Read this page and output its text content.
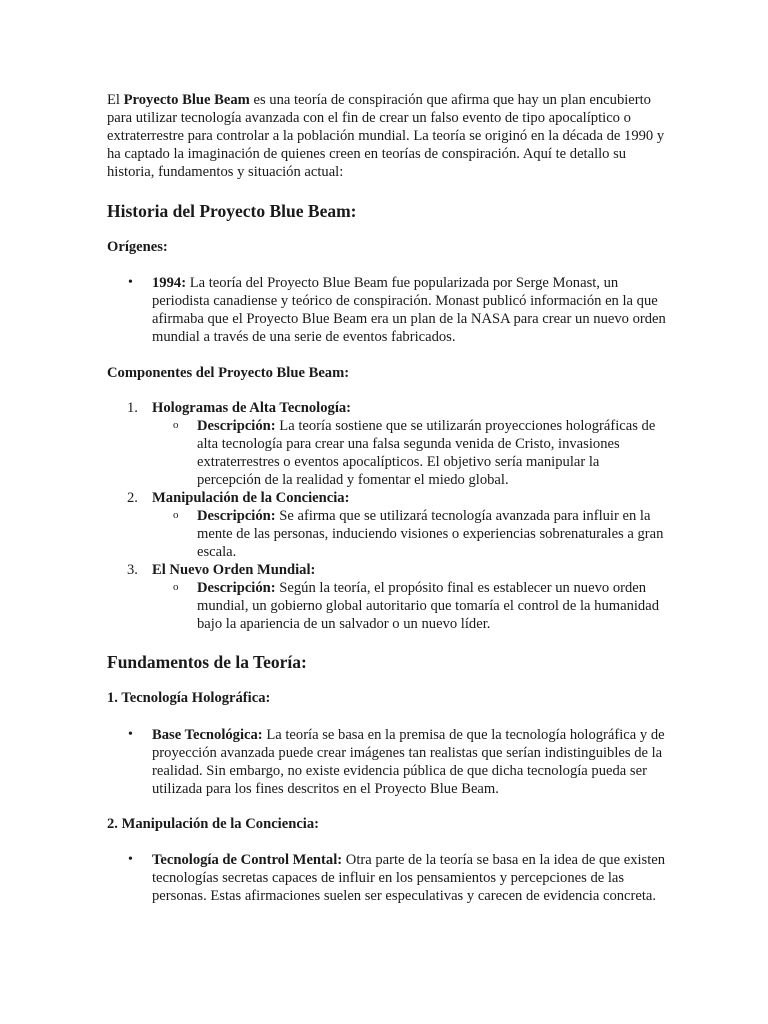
El Proyecto Blue Beam es una teoría de conspiración que afirma que hay un plan encubierto para utilizar tecnología avanzada con el fin de crear un falso evento de tipo apocalíptico o extraterrestre para controlar a la población mundial. La teoría se originó en la década de 1990 y ha captado la imaginación de quienes creen en teorías de conspiración. Aquí te detallo su historia, fundamentos y situación actual:

Historia del Proyecto Blue Beam:
Orígenes:
• 1994: La teoría del Proyecto Blue Beam fue popularizada por Serge Monast, un periodista canadiense y teórico de conspiración. Monast publicó información en la que afirmaba que el Proyecto Blue Beam era un plan de la NASA para crear un nuevo orden mundial a través de una serie de eventos fabricados.
Componentes del Proyecto Blue Beam:
1. Hologramas de Alta Tecnología:
o Descripción: La teoría sostiene que se utilizarán proyecciones holográficas de alta tecnología para crear una falsa segunda venida de Cristo, invasiones extraterrestres o eventos apocalípticos. El objetivo sería manipular la percepción de la realidad y fomentar el miedo global.
2. Manipulación de la Conciencia:
o Descripción: Se afirma que se utilizará tecnología avanzada para influir en la mente de las personas, induciendo visiones o experiencias sobrenaturales a gran escala.
3. El Nuevo Orden Mundial:
o Descripción: Según la teoría, el propósito final es establecer un nuevo orden mundial, un gobierno global autoritario que tomaría el control de la humanidad bajo la apariencia de un salvador o un nuevo líder.
Fundamentos de la Teoría:
1. Tecnología Holográfica:
• Base Tecnológica: La teoría se basa en la premisa de que la tecnología holográfica y de proyección avanzada puede crear imágenes tan realistas que serían indistinguibles de la realidad. Sin embargo, no existe evidencia pública de que dicha tecnología pueda ser utilizada para los fines descritos en el Proyecto Blue Beam.
2. Manipulación de la Conciencia:
• Tecnología de Control Mental: Otra parte de la teoría se basa en la idea de que existen tecnologías secretas capaces de influir en los pensamientos y percepciones de las personas. Estas afirmaciones suelen ser especulativas y carecen de evidencia concreta.
